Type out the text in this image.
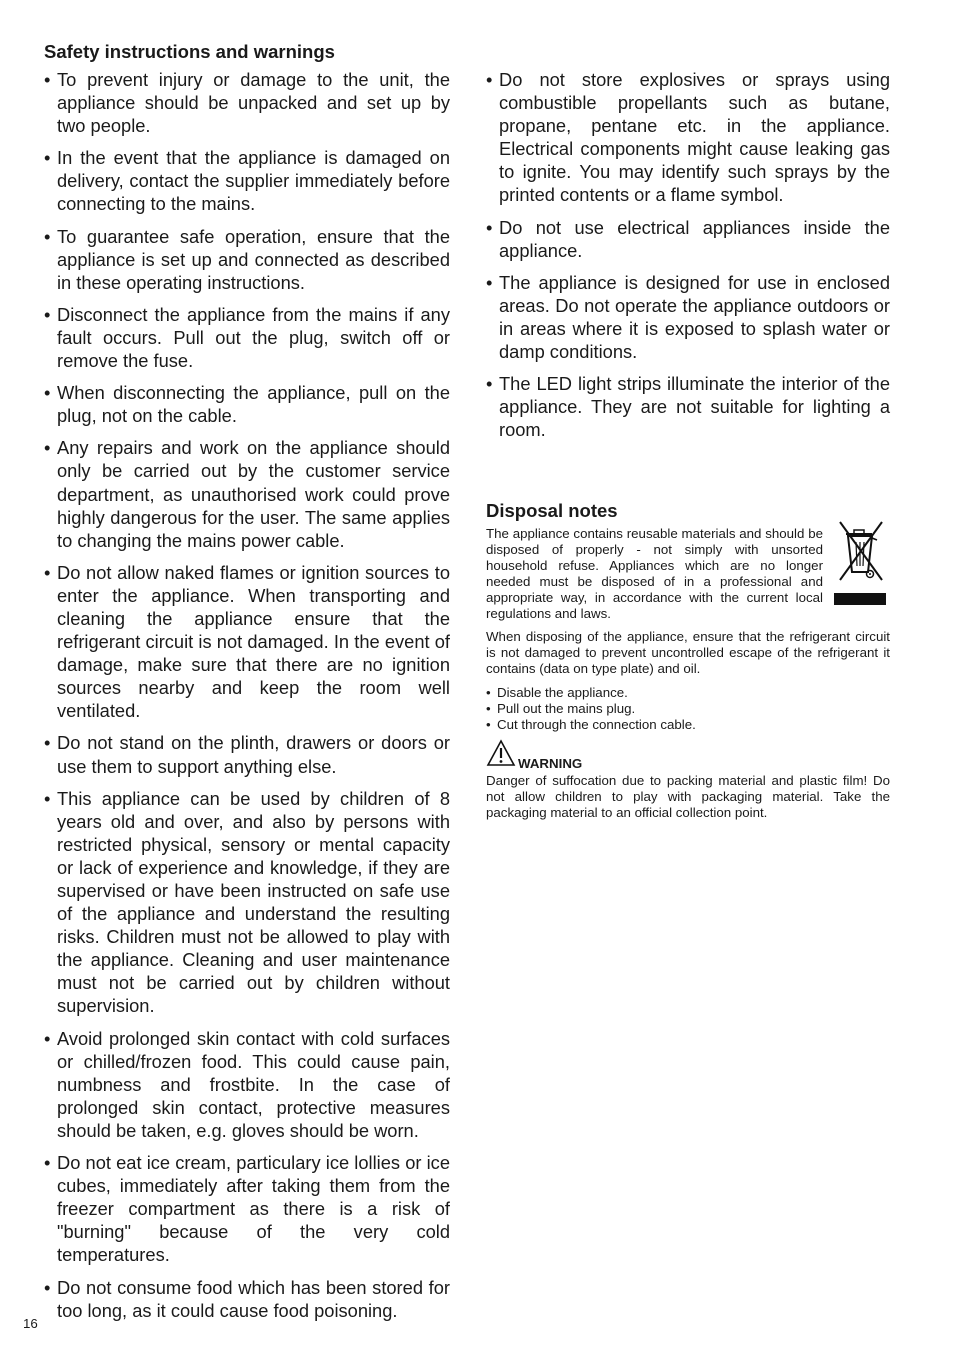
Safety instructions and warnings
• To prevent injury or damage to the unit, the appliance should be unpacked and set up by two people.
• In the event that the appliance is damaged on delivery, contact the supplier immediately before connecting to the mains.
• To guarantee safe operation, ensure that the appliance is set up and connected as described in these operating instructions.
• Disconnect the appliance from the mains if any fault occurs. Pull out the plug, switch off or remove the fuse.
• When disconnecting the appliance, pull on the plug, not on the cable.
• Any repairs and work on the appliance should only be carried out by the customer service department, as unauthorised work could prove highly dangerous for the user. The same applies to changing the mains power cable.
• Do not allow naked flames or ignition sources to enter the appliance. When transporting and cleaning the appliance ensure that the refrigerant circuit is not damaged. In the event of damage, make sure that there are no ignition sources nearby and keep the room well ventilated.
• Do not stand on the plinth, drawers or doors or use them to support anything else.
• This appliance can be used by children of 8 years old and over, and also by persons with restricted physical, sensory or mental capacity or lack of experience and knowledge, if they are supervised or have been instructed on safe use of the appliance and understand the resulting risks. Children must not be allowed to play with the appliance. Cleaning and user maintenance must not be carried out by children without supervision.
• Avoid prolonged skin contact with cold surfaces or chilled/frozen food. This could cause pain, numbness and frostbite. In the case of prolonged skin contact, protective measures should be taken, e.g. gloves should be worn.
• Do not eat ice cream, particulary ice lollies or ice cubes, immediately after taking them from the freezer compartment as there is a risk of "burning" because of the very cold temperatures.
• Do not consume food which has been stored for too long, as it could cause food poisoning.
• Do not store explosives or sprays using combustible propellants such as butane, propane, pentane etc. in the appliance. Electrical components might cause leaking gas to ignite. You may identify such sprays by the printed contents or a flame symbol.
• Do not use electrical appliances inside the appliance.
• The appliance is designed for use in enclosed areas. Do not operate the appliance outdoors or in areas where it is exposed to splash water or damp conditions.
• The LED light strips illuminate the interior of the appliance. They are not suitable for lighting a room.
Disposal notes

The appliance contains reusable materials and should be disposed of properly - not simply with unsorted household refuse. Appliances which are no longer needed must be disposed of in a professional and appropriate way, in accordance with the current local regulations and laws.

When disposing of the appliance, ensure that the refrigerant circuit is not damaged to prevent uncontrolled escape of the refrigerant it contains (data on type plate) and oil.

• Disable the appliance.
• Pull out the mains plug.
• Cut through the connection cable.
WARNING

Danger of suffocation due to packing material and plastic film! Do not allow children to play with packaging material. Take the packaging material to an official collection point.

16
